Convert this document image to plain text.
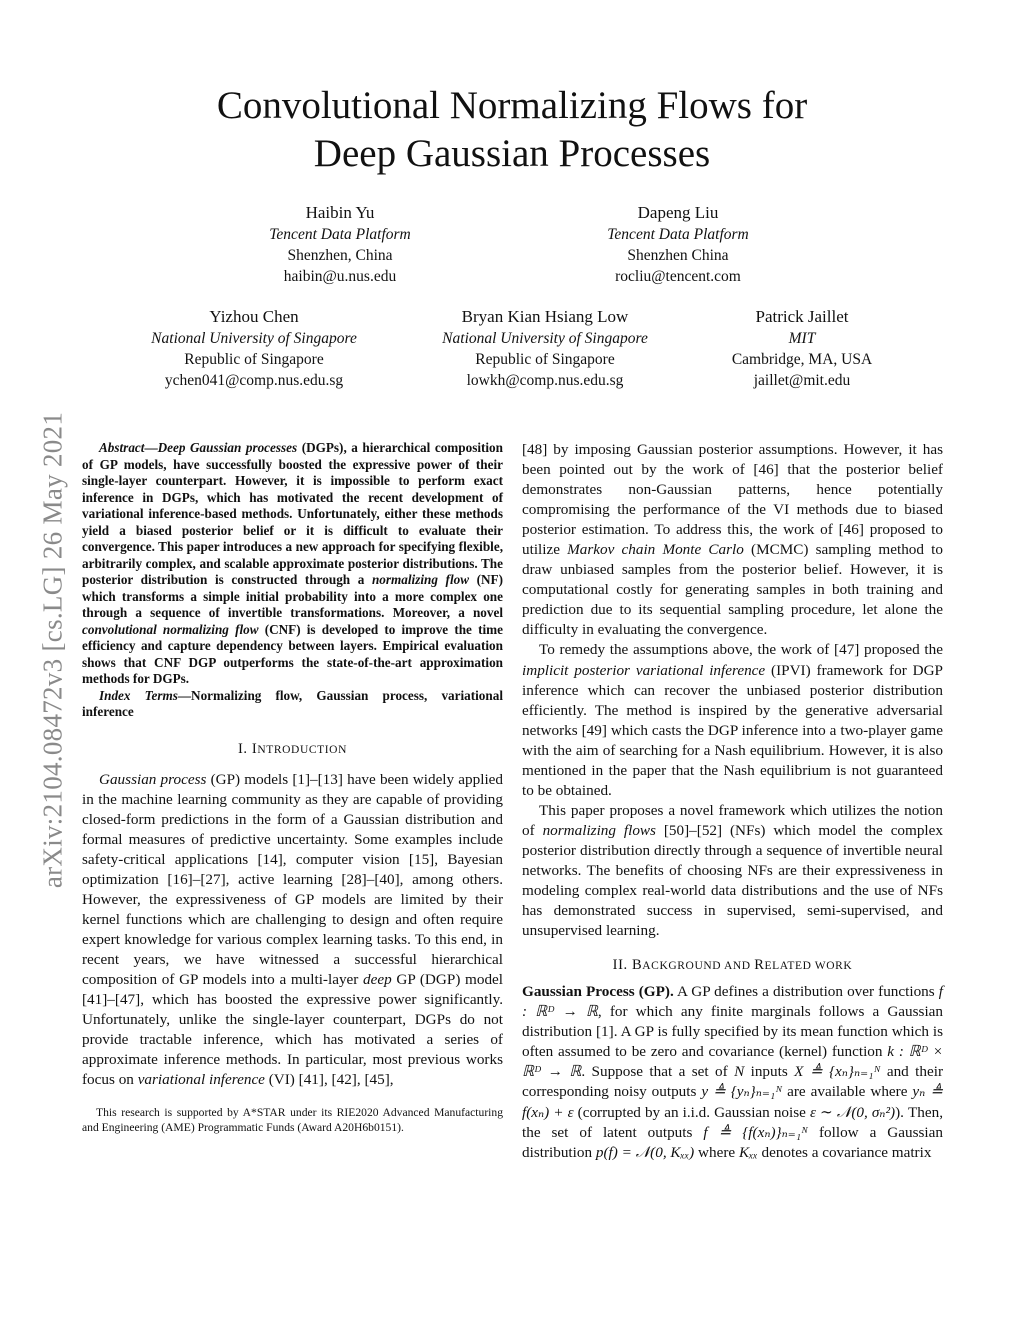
arXiv:2104.08472v3 [cs.LG] 26 May 2021
Convolutional Normalizing Flows for
Deep Gaussian Processes
Haibin Yu
Tencent Data Platform
Shenzhen, China
haibin@u.nus.edu
Dapeng Liu
Tencent Data Platform
Shenzhen China
rocliu@tencent.com
Yizhou Chen
National University of Singapore
Republic of Singapore
ychen041@comp.nus.edu.sg
Bryan Kian Hsiang Low
National University of Singapore
Republic of Singapore
lowkh@comp.nus.edu.sg
Patrick Jaillet
MIT
Cambridge, MA, USA
jaillet@mit.edu

Abstract—Deep Gaussian processes (DGPs), a hierarchical composition of GP models, have successfully boosted the expressive power of their single-layer counterpart. However, it is impossible to perform exact inference in DGPs, which has motivated the recent development of variational inference-based methods. Unfortunately, either these methods yield a biased posterior belief or it is difficult to evaluate their convergence. This paper introduces a new approach for specifying flexible, arbitrarily complex, and scalable approximate posterior distributions. The posterior distribution is constructed through a normalizing flow (NF) which transforms a simple initial probability into a more complex one through a sequence of invertible transformations. Moreover, a novel convolutional normalizing flow (CNF) is developed to improve the time efficiency and capture dependency between layers. Empirical evaluation shows that CNF DGP outperforms the state-of-the-art approximation methods for DGPs.

Index Terms—Normalizing flow, Gaussian process, variational inference

I. INTRODUCTION

Gaussian process (GP) models [1]–[13] have been widely applied in the machine learning community as they are capable of providing closed-form predictions in the form of a Gaussian distribution and formal measures of predictive uncertainty. Some examples include safety-critical applications [14], computer vision [15], Bayesian optimization [16]–[27], active learning [28]–[40], among others. However, the expressiveness of GP models are limited by their kernel functions which are challenging to design and often require expert knowledge for various complex learning tasks. To this end, in recent years, we have witnessed a successful hierarchical composition of GP models into a multi-layer deep GP (DGP) model [41]–[47], which has boosted the expressive power significantly. Unfortunately, unlike the single-layer counterpart, DGPs do not provide tractable inference, which has motivated a series of approximate inference methods. In particular, most previous works focus on variational inference (VI) [41], [42], [45],

This research is supported by A*STAR under its RIE2020 Advanced Manufacturing and Engineering (AME) Programmatic Funds (Award A20H6b0151).

[48] by imposing Gaussian posterior assumptions. However, it has been pointed out by the work of [46] that the posterior belief demonstrates non-Gaussian patterns, hence potentially compromising the performance of the VI methods due to biased posterior estimation. To address this, the work of [46] proposed to utilize Markov chain Monte Carlo (MCMC) sampling method to draw unbiased samples from the posterior belief. However, it is computational costly for generating samples in both training and prediction due to its sequential sampling procedure, let alone the difficulty in evaluating the convergence.

To remedy the assumptions above, the work of [47] proposed the implicit posterior variational inference (IPVI) framework for DGP inference which can recover the unbiased posterior distribution efficiently. The method is inspired by the generative adversarial networks [49] which casts the DGP inference into a two-player game with the aim of searching for a Nash equilibrium. However, it is also mentioned in the paper that the Nash equilibrium is not guaranteed to be obtained.

This paper proposes a novel framework which utilizes the notion of normalizing flows [50]–[52] (NFs) which model the complex posterior distribution directly through a sequence of invertible neural networks. The benefits of choosing NFs are their expressiveness in modeling complex real-world data distributions and the use of NFs has demonstrated success in supervised, semi-supervised, and unsupervised learning.

II. BACKGROUND AND RELATED WORK

Gaussian Process (GP). A GP defines a distribution over functions f : ℝᴰ → ℝ, for which any finite marginals follows a Gaussian distribution [1]. A GP is fully specified by its mean function which is often assumed to be zero and covariance (kernel) function k : ℝᴰ × ℝᴰ → ℝ. Suppose that a set of N inputs X ≜ {xₙ}ₙ₌₁ᴺ and their corresponding noisy outputs y ≜ {yₙ}ₙ₌₁ᴺ are available where yₙ ≜ f(xₙ) + ε (corrupted by an i.i.d. Gaussian noise ε ∼ 𝒩(0, σₙ²)). Then, the set of latent outputs f ≜ {f(xₙ)}ₙ₌₁ᴺ follow a Gaussian distribution p(f) = 𝒩(0, Kₓₓ) where Kₓₓ denotes a covariance matrix
